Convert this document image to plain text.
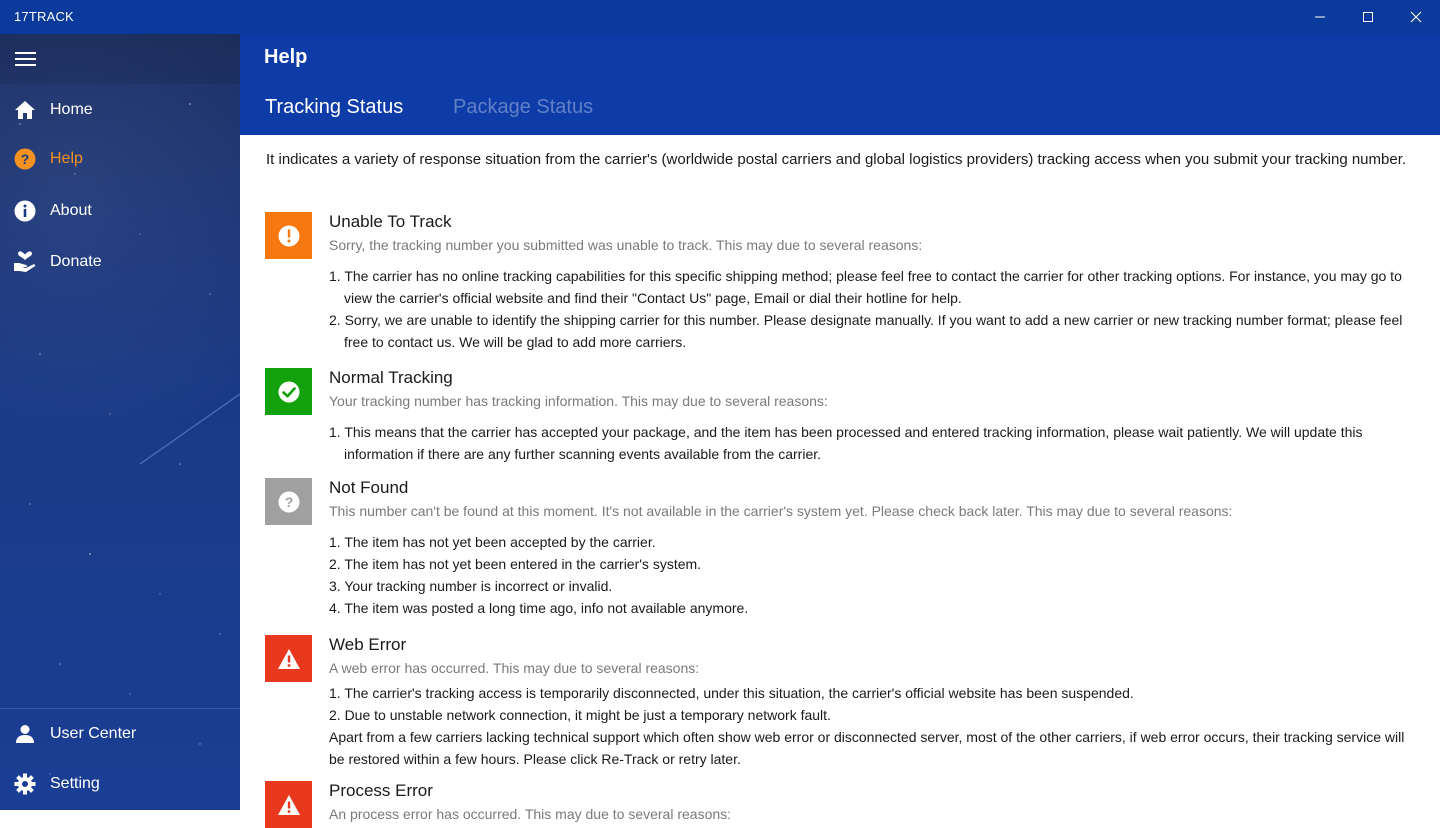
17TRACK
Home
? Help
About
Donate
User Center
Setting
Help
Tracking Status Package Status

It indicates a variety of response situation from the carrier's (worldwide postal carriers and global logistics providers) tracking access when you submit your tracking number.

Unable To Track
Sorry, the tracking number you submitted was unable to track. This may due to several reasons:
1. The carrier has no online tracking capabilities for this specific shipping method; please feel free to contact the carrier for other tracking options. For instance, you may go to view the carrier's official website and find their "Contact Us" page, Email or dial their hotline for help.
2. Sorry, we are unable to identify the shipping carrier for this number. Please designate manually. If you want to add a new carrier or new tracking number format; please feel free to contact us. We will be glad to add more carriers.
Normal Tracking
Your tracking number has tracking information. This may due to several reasons:
1. This means that the carrier has accepted your package, and the item has been processed and entered tracking information, please wait patiently. We will update this information if there are any further scanning events available from the carrier.
?
Not Found
This number can't be found at this moment. It's not available in the carrier's system yet. Please check back later. This may due to several reasons:
1. The item has not yet been accepted by the carrier.
2. The item has not yet been entered in the carrier's system.
3. Your tracking number is incorrect or invalid.
4. The item was posted a long time ago, info not available anymore.
Web Error
A web error has occurred. This may due to several reasons:
1. The carrier's tracking access is temporarily disconnected, under this situation, the carrier's official website has been suspended.
2. Due to unstable network connection, it might be just a temporary network fault.
Apart from a few carriers lacking technical support which often show web error or disconnected server, most of the other carriers, if web error occurs, their tracking service will be restored within a few hours. Please click Re-Track or retry later.
Process Error
An process error has occurred. This may due to several reasons:
